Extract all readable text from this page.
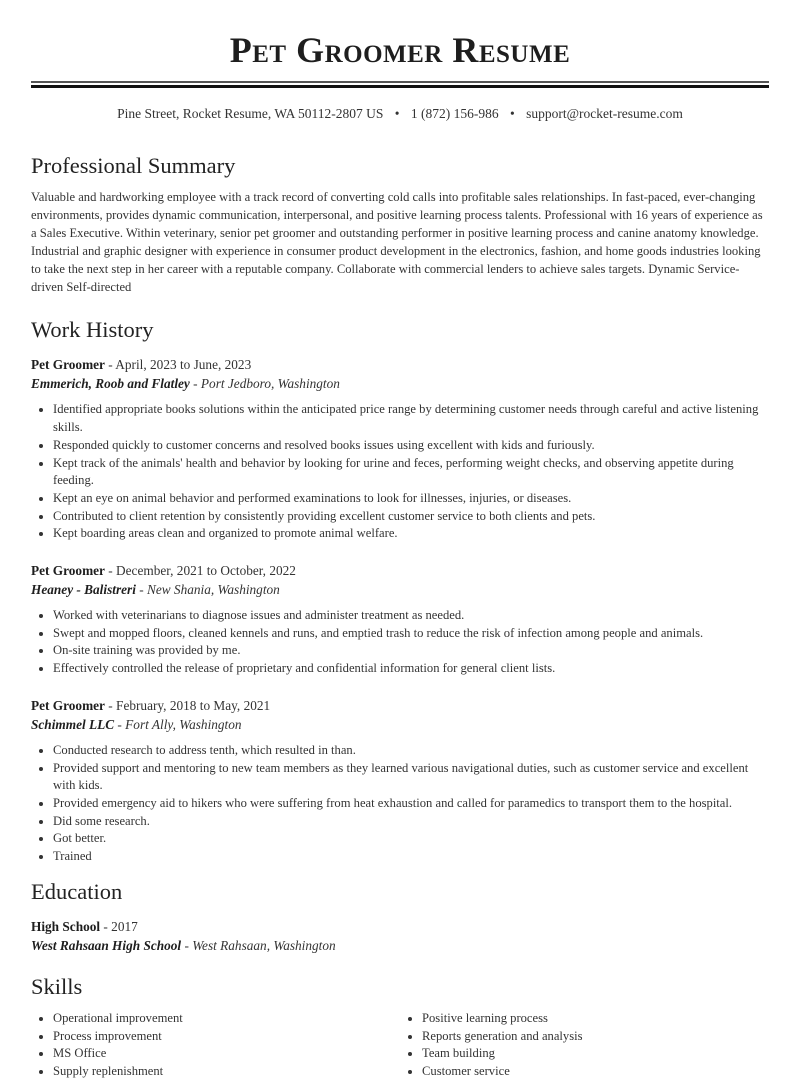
Pet Groomer Resume
Pine Street, Rocket Resume, WA 50112-2807 US • 1 (872) 156-986 • support@rocket-resume.com
Professional Summary
Valuable and hardworking employee with a track record of converting cold calls into profitable sales relationships. In fast-paced, ever-changing environments, provides dynamic communication, interpersonal, and positive learning process talents. Professional with 16 years of experience as a Sales Executive. Within veterinary, senior pet groomer and outstanding performer in positive learning process and canine anatomy knowledge. Industrial and graphic designer with experience in consumer product development in the electronics, fashion, and home goods industries looking to take the next step in her career with a reputable company. Collaborate with commercial lenders to achieve sales targets. Dynamic Service-driven Self-directed
Work History
Pet Groomer - April, 2023 to June, 2023
Emmerich, Roob and Flatley - Port Jedboro, Washington
• Identified appropriate books solutions within the anticipated price range by determining customer needs through careful and active listening skills.
• Responded quickly to customer concerns and resolved books issues using excellent with kids and furiously.
• Kept track of the animals' health and behavior by looking for urine and feces, performing weight checks, and observing appetite during feeding.
• Kept an eye on animal behavior and performed examinations to look for illnesses, injuries, or diseases.
• Contributed to client retention by consistently providing excellent customer service to both clients and pets.
• Kept boarding areas clean and organized to promote animal welfare.
Pet Groomer - December, 2021 to October, 2022
Heaney - Balistreri - New Shania, Washington
• Worked with veterinarians to diagnose issues and administer treatment as needed.
• Swept and mopped floors, cleaned kennels and runs, and emptied trash to reduce the risk of infection among people and animals.
• On-site training was provided by me.
• Effectively controlled the release of proprietary and confidential information for general client lists.
Pet Groomer - February, 2018 to May, 2021
Schimmel LLC - Fort Ally, Washington
• Conducted research to address tenth, which resulted in than.
• Provided support and mentoring to new team members as they learned various navigational duties, such as customer service and excellent with kids.
• Provided emergency aid to hikers who were suffering from heat exhaustion and called for paramedics to transport them to the hospital.
• Did some research.
• Got better.
• Trained
Education
High School - 2017
West Rahsaan High School - West Rahsaan, Washington
Skills
• Operational improvement
• Process improvement
• MS Office
• Supply replenishment
• Positive learning process
• Reports generation and analysis
• Team building
• Customer service
